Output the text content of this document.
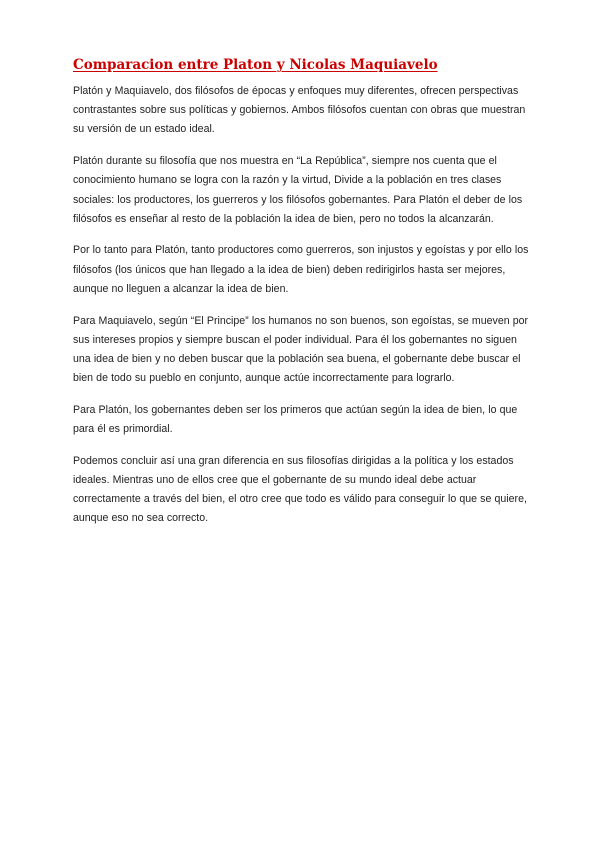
Comparacion entre Platon y Nicolas Maquiavelo

Platón y Maquiavelo, dos filósofos de épocas y enfoques muy diferentes, ofrecen perspectivas contrastantes sobre sus políticas y gobiernos. Ambos filósofos cuentan con obras que muestran su versión de un estado ideal.

Platón durante su filosofía que nos muestra en “La República”, siempre nos cuenta que el conocimiento humano se logra con la razón y la virtud, Divide a la población en tres clases sociales: los productores, los guerreros y los filósofos gobernantes. Para Platón el deber de los filósofos es enseñar al resto de la población la idea de bien, pero no todos la alcanzarán.

Por lo tanto para Platón, tanto productores como guerreros, son injustos y egoístas y por ello los filósofos (los únicos que han llegado a la idea de bien) deben redirigirlos hasta ser mejores, aunque no lleguen a alcanzar la idea de bien.

Para Maquiavelo, según “El Principe” los humanos no son buenos, son egoístas, se mueven por sus intereses propios y siempre buscan el poder individual. Para él los gobernantes no siguen una idea de bien y no deben buscar que la población sea buena, el gobernante debe buscar el bien de todo su pueblo en conjunto, aunque actúe incorrectamente para lograrlo.

Para Platón, los gobernantes deben ser los primeros que actúan según la idea de bien, lo que para él es primordial.

Podemos concluir así una gran diferencia en sus filosofías dirigidas a la política y los estados ideales. Mientras uno de ellos cree que el gobernante de su mundo ideal debe actuar correctamente a través del bien, el otro cree que todo es válido para conseguir lo que se quiere, aunque eso no sea correcto.
